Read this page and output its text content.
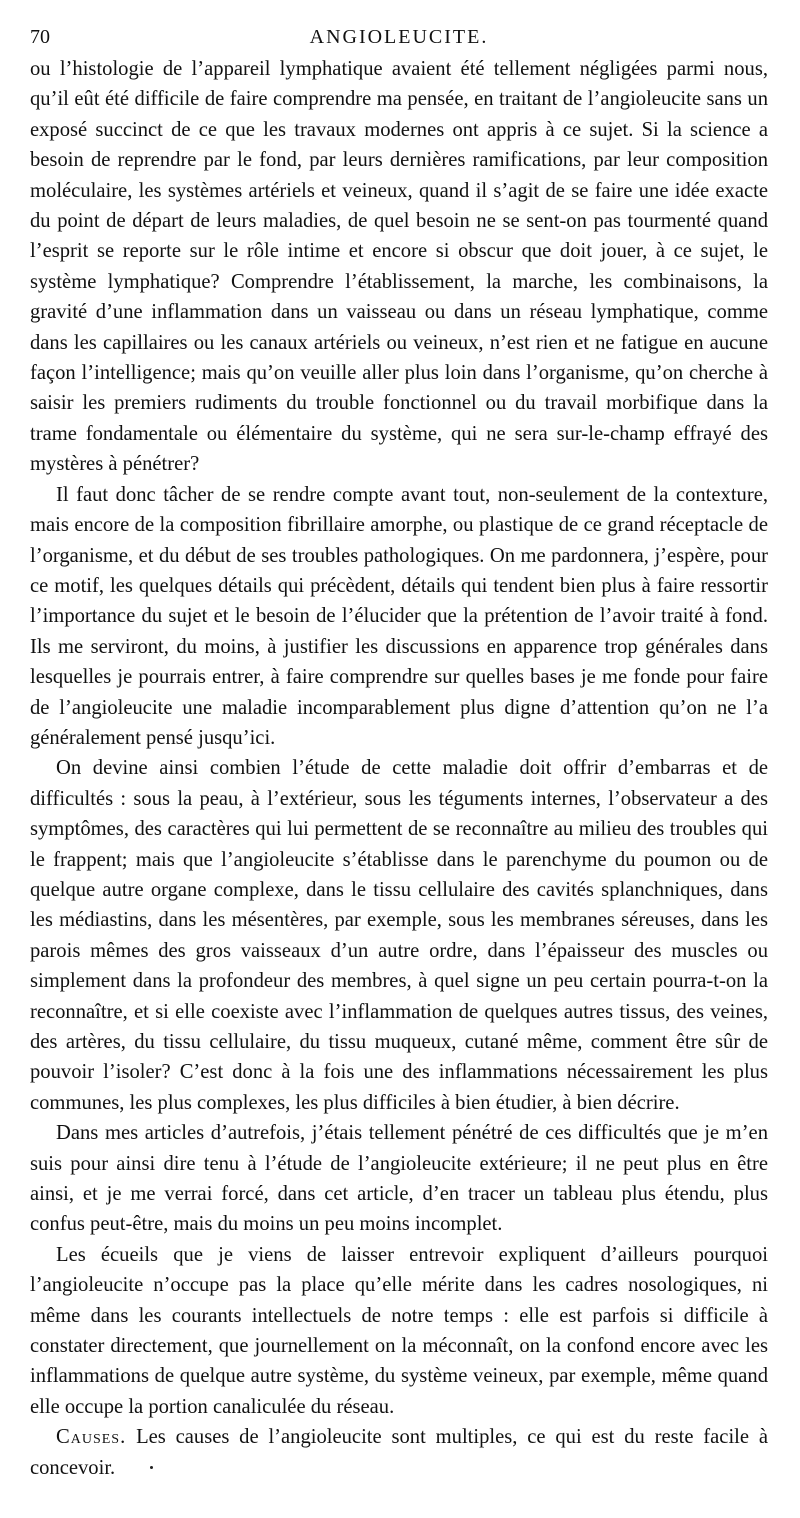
70	ANGIOLEUCITE.

ou l’histologie de l’appareil lymphatique avaient été tellement négligées parmi nous, qu’il eût été difficile de faire comprendre ma pensée, en traitant de l’angioleucite sans un exposé succinct de ce que les travaux modernes ont appris à ce sujet. Si la science a besoin de reprendre par le fond, par leurs dernières ramifications, par leur composition moléculaire, les systèmes artériels et veineux, quand il s’agit de se faire une idée exacte du point de départ de leurs maladies, de quel besoin ne se sent-on pas tourmenté quand l’esprit se reporte sur le rôle intime et encore si obscur que doit jouer, à ce sujet, le système lymphatique? Comprendre l’établissement, la marche, les combinaisons, la gravité d’une inflammation dans un vaisseau ou dans un réseau lymphatique, comme dans les capillaires ou les canaux artériels ou veineux, n’est rien et ne fatigue en aucune façon l’intelligence; mais qu’on veuille aller plus loin dans l’organisme, qu’on cherche à saisir les premiers rudiments du trouble fonctionnel ou du travail morbifique dans la trame fondamentale ou élémentaire du système, qui ne sera sur-le-champ effrayé des mystères à pénétrer?

Il faut donc tâcher de se rendre compte avant tout, non-seulement de la contexture, mais encore de la composition fibrillaire amorphe, ou plastique de ce grand réceptacle de l’organisme, et du début de ses troubles pathologiques. On me pardonnera, j’espère, pour ce motif, les quelques détails qui précèdent, détails qui tendent bien plus à faire ressortir l’importance du sujet et le besoin de l’élucider que la prétention de l’avoir traité à fond. Ils me serviront, du moins, à justifier les discussions en apparence trop générales dans lesquelles je pourrais entrer, à faire comprendre sur quelles bases je me fonde pour faire de l’angioleucite une maladie incomparablement plus digne d’attention qu’on ne l’a généralement pensé jusqu’ici.

On devine ainsi combien l’étude de cette maladie doit offrir d’embarras et de difficultés : sous la peau, à l’extérieur, sous les téguments internes, l’observateur a des symptômes, des caractères qui lui permettent de se reconnaître au milieu des troubles qui le frappent; mais que l’angioleucite s’établisse dans le parenchyme du poumon ou de quelque autre organe complexe, dans le tissu cellulaire des cavités splanchniques, dans les médiastins, dans les mésentères, par exemple, sous les membranes séreuses, dans les parois mêmes des gros vaisseaux d’un autre ordre, dans l’épaisseur des muscles ou simplement dans la profondeur des membres, à quel signe un peu certain pourra-t-on la reconnaître, et si elle coexiste avec l’inflammation de quelques autres tissus, des veines, des artères, du tissu cellulaire, du tissu muqueux, cutané même, comment être sûr de pouvoir l’isoler? C’est donc à la fois une des inflammations nécessairement les plus communes, les plus complexes, les plus difficiles à bien étudier, à bien décrire.

Dans mes articles d’autrefois, j’étais tellement pénétré de ces difficultés que je m’en suis pour ainsi dire tenu à l’étude de l’angioleucite extérieure; il ne peut plus en être ainsi, et je me verrai forcé, dans cet article, d’en tracer un tableau plus étendu, plus confus peut-être, mais du moins un peu moins incomplet.

Les écueils que je viens de laisser entrevoir expliquent d’ailleurs pourquoi l’angioleucite n’occupe pas la place qu’elle mérite dans les cadres nosologiques, ni même dans les courants intellectuels de notre temps : elle est parfois si difficile à constater directement, que journellement on la méconnaît, on la confond encore avec les inflammations de quelque autre système, du système veineux, par exemple, même quand elle occupe la portion canaliculée du réseau.

Causes. Les causes de l’angioleucite sont multiples, ce qui est du reste facile à concevoir.
